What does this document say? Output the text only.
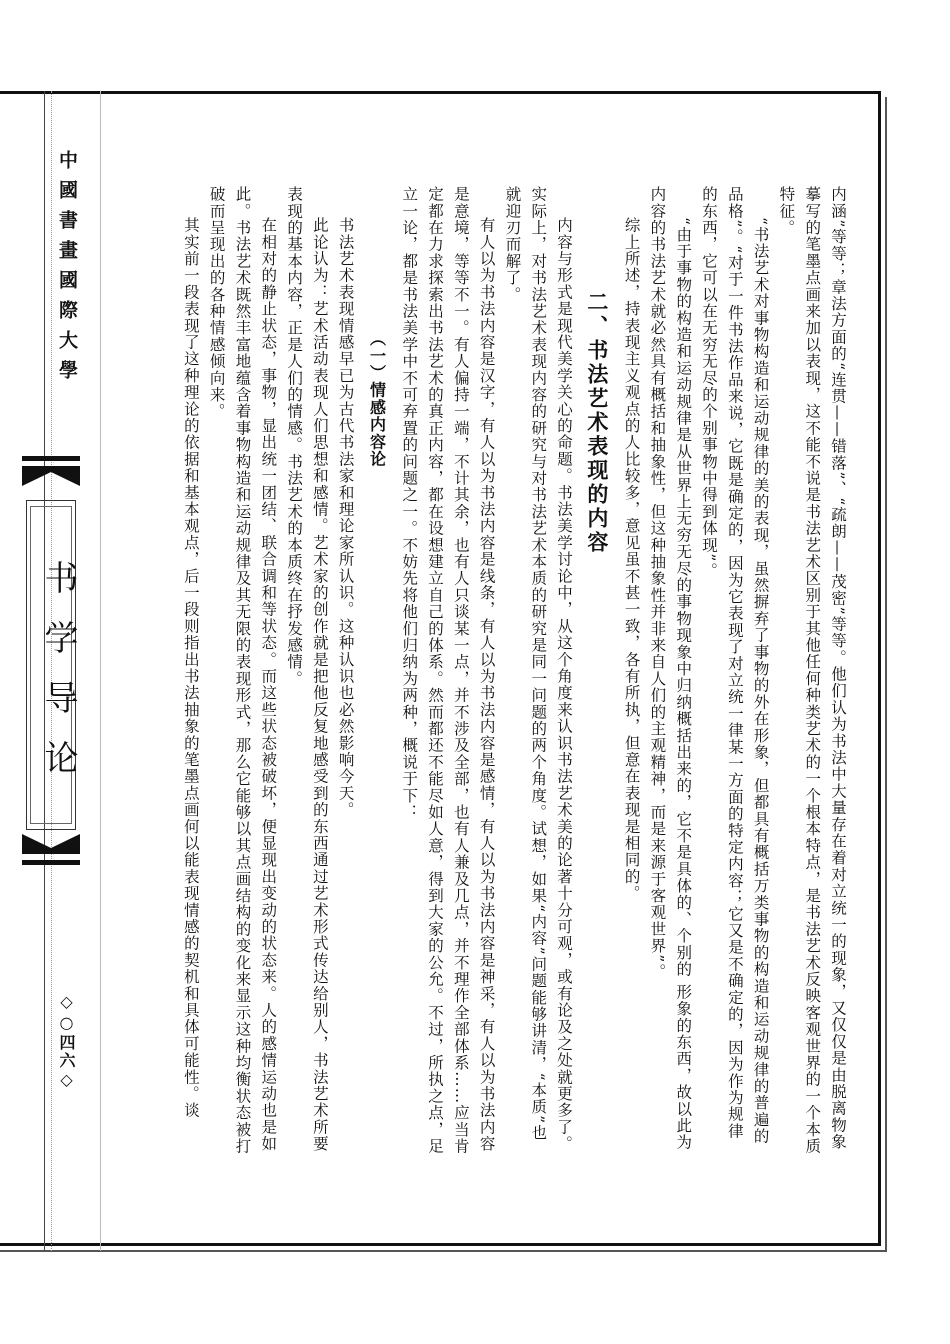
中國書畫國際大學
书学导论
◇○四六◇	内涵”等等；章法方面的“连贯——错落”、“疏朗——茂密”等等。他们认为书法中大量存在着对立统一的现象，又仅仅是由脱离物象摹写的笔墨点画来加以表现，这不能不说是书法艺术区别于其他任何种类艺术的一个根本特点，是书法艺术反映客观世界的一个本质特征。

“书法艺术对事物构造和运动规律的美的表现，虽然摒弃了事物的外在形象，但都具有概括万类事物的构造和运动规律的普遍的品格”。“对于一件书法作品来说，它既是确定的，因为它表现了对立统一律某一方面的特定内容；它又是不确定的，因为作为规律的东西，它可以在无穷无尽的个别事物中得到体现”。

“由于事物的构造和运动规律是从世界上无穷无尽的事物现象中归纳概括出来的，它不是具体的、个别的 形象的东西，故以此为内容的书法艺术就必然具有概括和抽象性，但这种抽象性并非来自人们的主观精神，而是来源于客观世界”。

综上所述，持表现主义观点的人比较多，意见虽不甚一致，各有所执，但意在表现是相同的。

二、书法艺术表现的内容

内容与形式是现代美学关心的命题。书法美学讨论中，从这个角度来认识书法艺术美的论著十分可观，或有论及之处就更多了。实际上，对书法艺术表现内容的研究与对书法艺术本质的研究是同一问题的两个角度。试想，如果“内容”问题能够讲清，“本质”也就迎刃而解了。

有人以为书法内容是汉字，有人以为书法内容是线条，有人以为书法内容是感情，有人以为书法内容是神采，有人以为书法内容是意境，等等不一。有人偏持一端，不计其余，也有人只谈某一点，并不涉及全部，也有人兼及几点，并不理作全部体系……应当肯定都在力求探索出书法艺术的真正内容，都在设想建立自己的体系。然而都还不能尽如人意，得到大家的公允。不过，所执之点，足立一论，都是书法美学中不可弃置的问题之一。不妨先将他们归纳为两种，概说于下：

（一）情感内容论

书法艺术表现情感早已为古代书法家和理论家所认识。这种认识也必然影响今天。

此论认为：艺术活动表现人们思想和感情。艺术家的创作就是把他反复地感受到的东西通过艺术形式传达给别人，书法艺术所要表现的基本内容，正是人们的情感。书法艺术的本质终在抒发感情。

在相对的静止状态，事物，显出统一团结、联合调和等状态。而这些状态被破坏，便显现出变动的状态来。人的感情运动也是如此。书法艺术既然丰富地蕴含着事物构造和运动规律及其无限的表现形式，那么它能够以其点画结构的变化来显示这种均衡状态被打破而呈现出的各种情感倾向来。

其实前一段表现了这种理论的依据和基本观点，后一段则指出书法抽象的笔墨点画何以能表现情感的契机和具体可能性。谈
